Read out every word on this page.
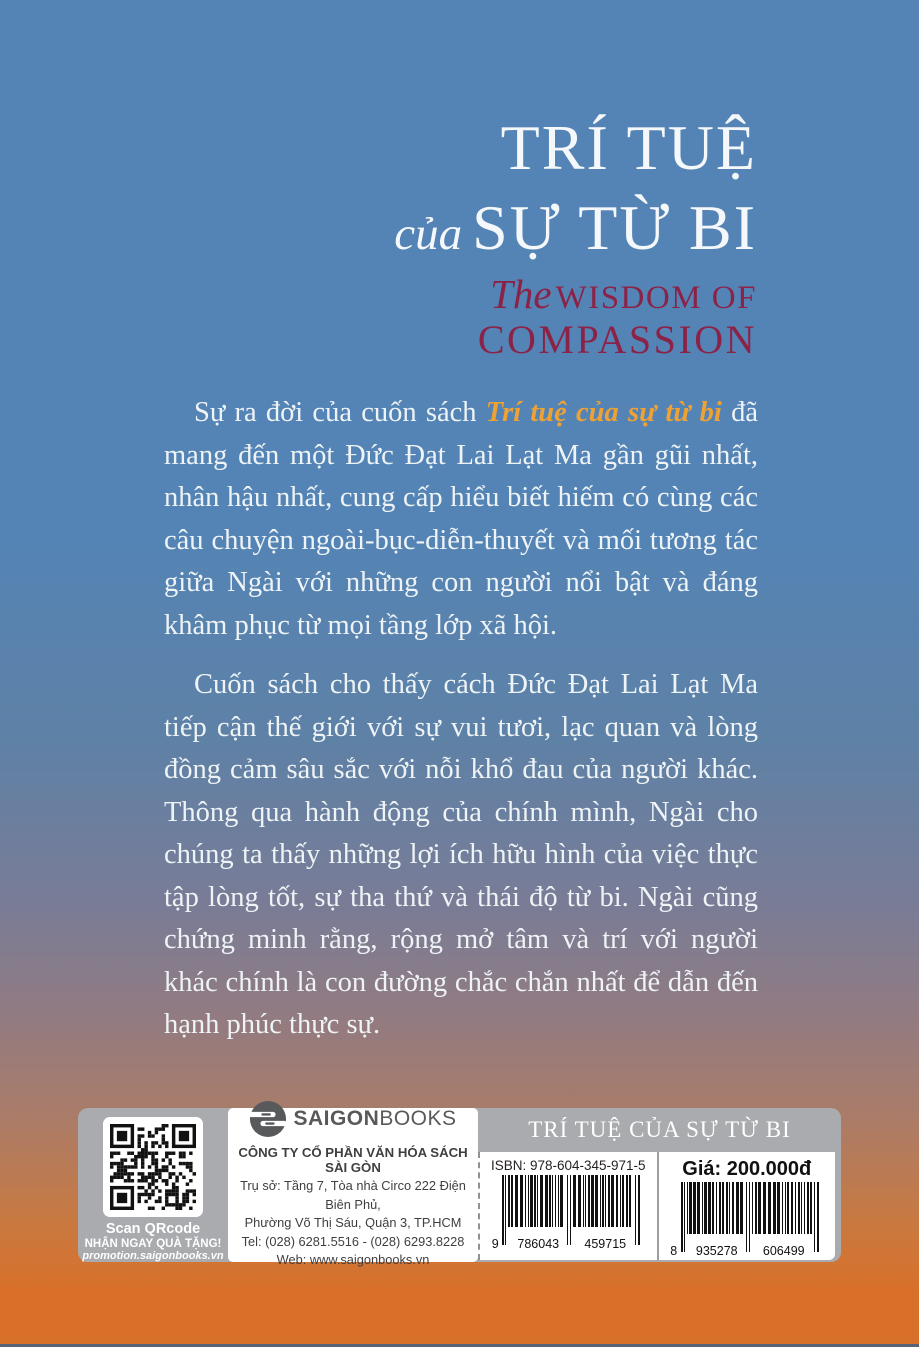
TRÍ TUỆ
của SỰ TỪ BI
The WISDOM OF
COMPASSION

Sự ra đời của cuốn sách Trí tuệ của sự từ bi đã mang đến một Đức Đạt Lai Lạt Ma gần gũi nhất, nhân hậu nhất, cung cấp hiểu biết hiếm có cùng các câu chuyện ngoài-bục-diễn-thuyết và mối tương tác giữa Ngài với những con người nổi bật và đáng khâm phục từ mọi tầng lớp xã hội.

Cuốn sách cho thấy cách Đức Đạt Lai Lạt Ma tiếp cận thế giới với sự vui tươi, lạc quan và lòng đồng cảm sâu sắc với nỗi khổ đau của người khác. Thông qua hành động của chính mình, Ngài cho chúng ta thấy những lợi ích hữu hình của việc thực tập lòng tốt, sự tha thứ và thái độ từ bi. Ngài cũng chứng minh rằng, rộng mở tâm và trí với người khác chính là con đường chắc chắn nhất để dẫn đến hạnh phúc thực sự.

Scan QRcode
NHẬN NGAY QUÀ TẶNG!
promotion.saigonbooks.vn
SAIGONBOOKS
CÔNG TY CỔ PHẦN VĂN HÓA SÁCH SÀI GÒN
Trụ sở: Tầng 7, Tòa nhà Circo 222 Điện Biên Phủ,
Phường Võ Thị Sáu, Quận 3, TP.HCM
Tel: (028) 6281.5516 - (028) 6293.8228
Web: www.saigonbooks.vn
TRÍ TUỆ CỦA SỰ TỪ BI
ISBN: 978-604-345-971-5
9	786043	459715
Giá: 200.000đ
8	935278	606499
